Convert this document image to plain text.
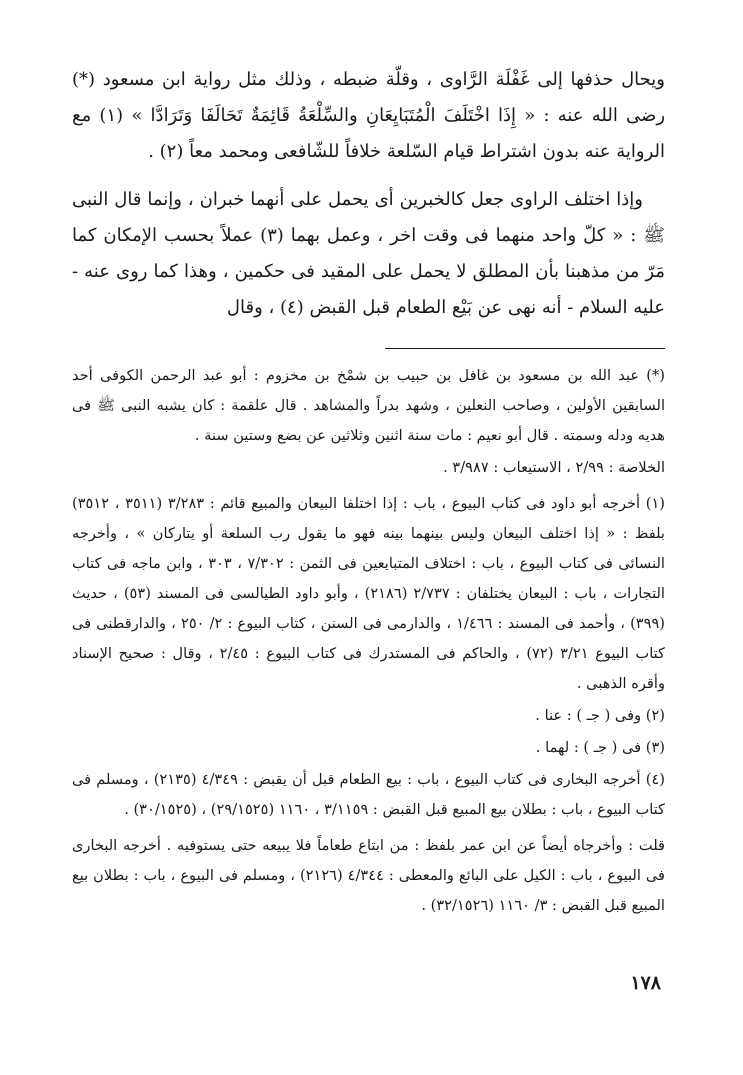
ويحال حذفها إلى غَفْلَة الرَّاوى ، وقلّة ضبطه ، وذلك مثل رواية ابن مسعود (*) رضى الله عنه : « إِذَا اخْتَلَفَ الْمُتَبَايِعَانِ والسِّلْعَةُ قَائِمَةٌ تَحَالَفَا وَتَرَادَّا » (١) مع الرواية عنه بدون اشتراط قيام السّلعة خلافاً للشّافعى ومحمد معاً (٢) .

وإذا اختلف الراوى جعل كالخبرين أى يحمل على أنهما خبران ، وإنما قال النبى ﷺ : « كلّ واحد منهما فى وقت اخر ، وعمل بهما (٣) عملاً بحسب الإمكان كما مَرّ من مذهبنا بأن المطلق لا يحمل على المقيد فى حكمين ، وهذا كما روى عنه - عليه السلام - أنه نهى عن بَيْع الطعام قبل القبض (٤) ، وقال

(*) عبد الله بن مسعود بن غافل بن حبيب بن شمْخ بن مخزوم : أبو عبد الرحمن الكوفى أحد السابقين الأولين ، وصاحب النعلين ، وشهد بدراً والمشاهد . قال علقمة : كان يشبه النبى ﷺ فى هديه ودله وسمته . قال أبو نعيم : مات سنة اثنين وثلاثين عن بضع وستين سنة .

الخلاصة : ٢/٩٩ ، الاستيعاب : ٣/٩٨٧ .

(١) أخرجه أبو داود فى كتاب البيوع ، باب : إذا اختلفا البيعان والمبيع قائم : ٣/٢٨٣ (٣٥١١ ، ٣٥١٢) بلفظ : « إذا اختلف البيعان وليس بينهما بينه فهو ما يقول رب السلعة أو يتاركان » ، وأخرجه النسائى فى كتاب البيوع ، باب : اختلاف المتبايعين فى الثمن : ٧/٣٠٢ ، ٣٠٣ ، وابن ماجه فى كتاب التجارات ، باب : البيعان يختلفان : ٢/٧٣٧ (٢١٨٦) ، وأبو داود الطيالسى فى المسند (٥٣) ، حديث (٣٩٩) ، وأحمد فى المسند : ١/٤٦٦ ، والدارمى فى السنن ، كتاب البيوع : ٢/ ٢٥٠ ، والدارقطنى فى كتاب البيوع ٣/٢١ (٧٢) ، والحاكم فى المستدرك فى كتاب البيوع : ٢/٤٥ ، وقال : صحيح الإسناد وأقره الذهبى .

(٢) وفى ( جـ ) : عنا .

(٣) فى ( جـ ) : لهما .

(٤) أخرجه البخارى فى كتاب البيوع ، باب : بيع الطعام قبل أن يقبض : ٤/٣٤٩ (٢١٣٥) ، ومسلم فى كتاب البيوع ، باب : بطلان بيع المبيع قبل القبض : ٣/١١٥٩ ، ١١٦٠ (٢٩/١٥٢٥) ، (٣٠/١٥٢٥) .

قلت : وأخرجاه أيضاً عن ابن عمر بلفظ : من ابتاع طعاماً فلا يبيعه حتى يستوفيه . أخرجه البخارى فى البيوع ، باب : الكيل على البائع والمعطى : ٤/٣٤٤ (٢١٢٦) ، ومسلم فى البيوع ، باب : بطلان بيع المبيع قبل القبض : ٣/ ١١٦٠ (٣٢/١٥٢٦) .

١٧٨
